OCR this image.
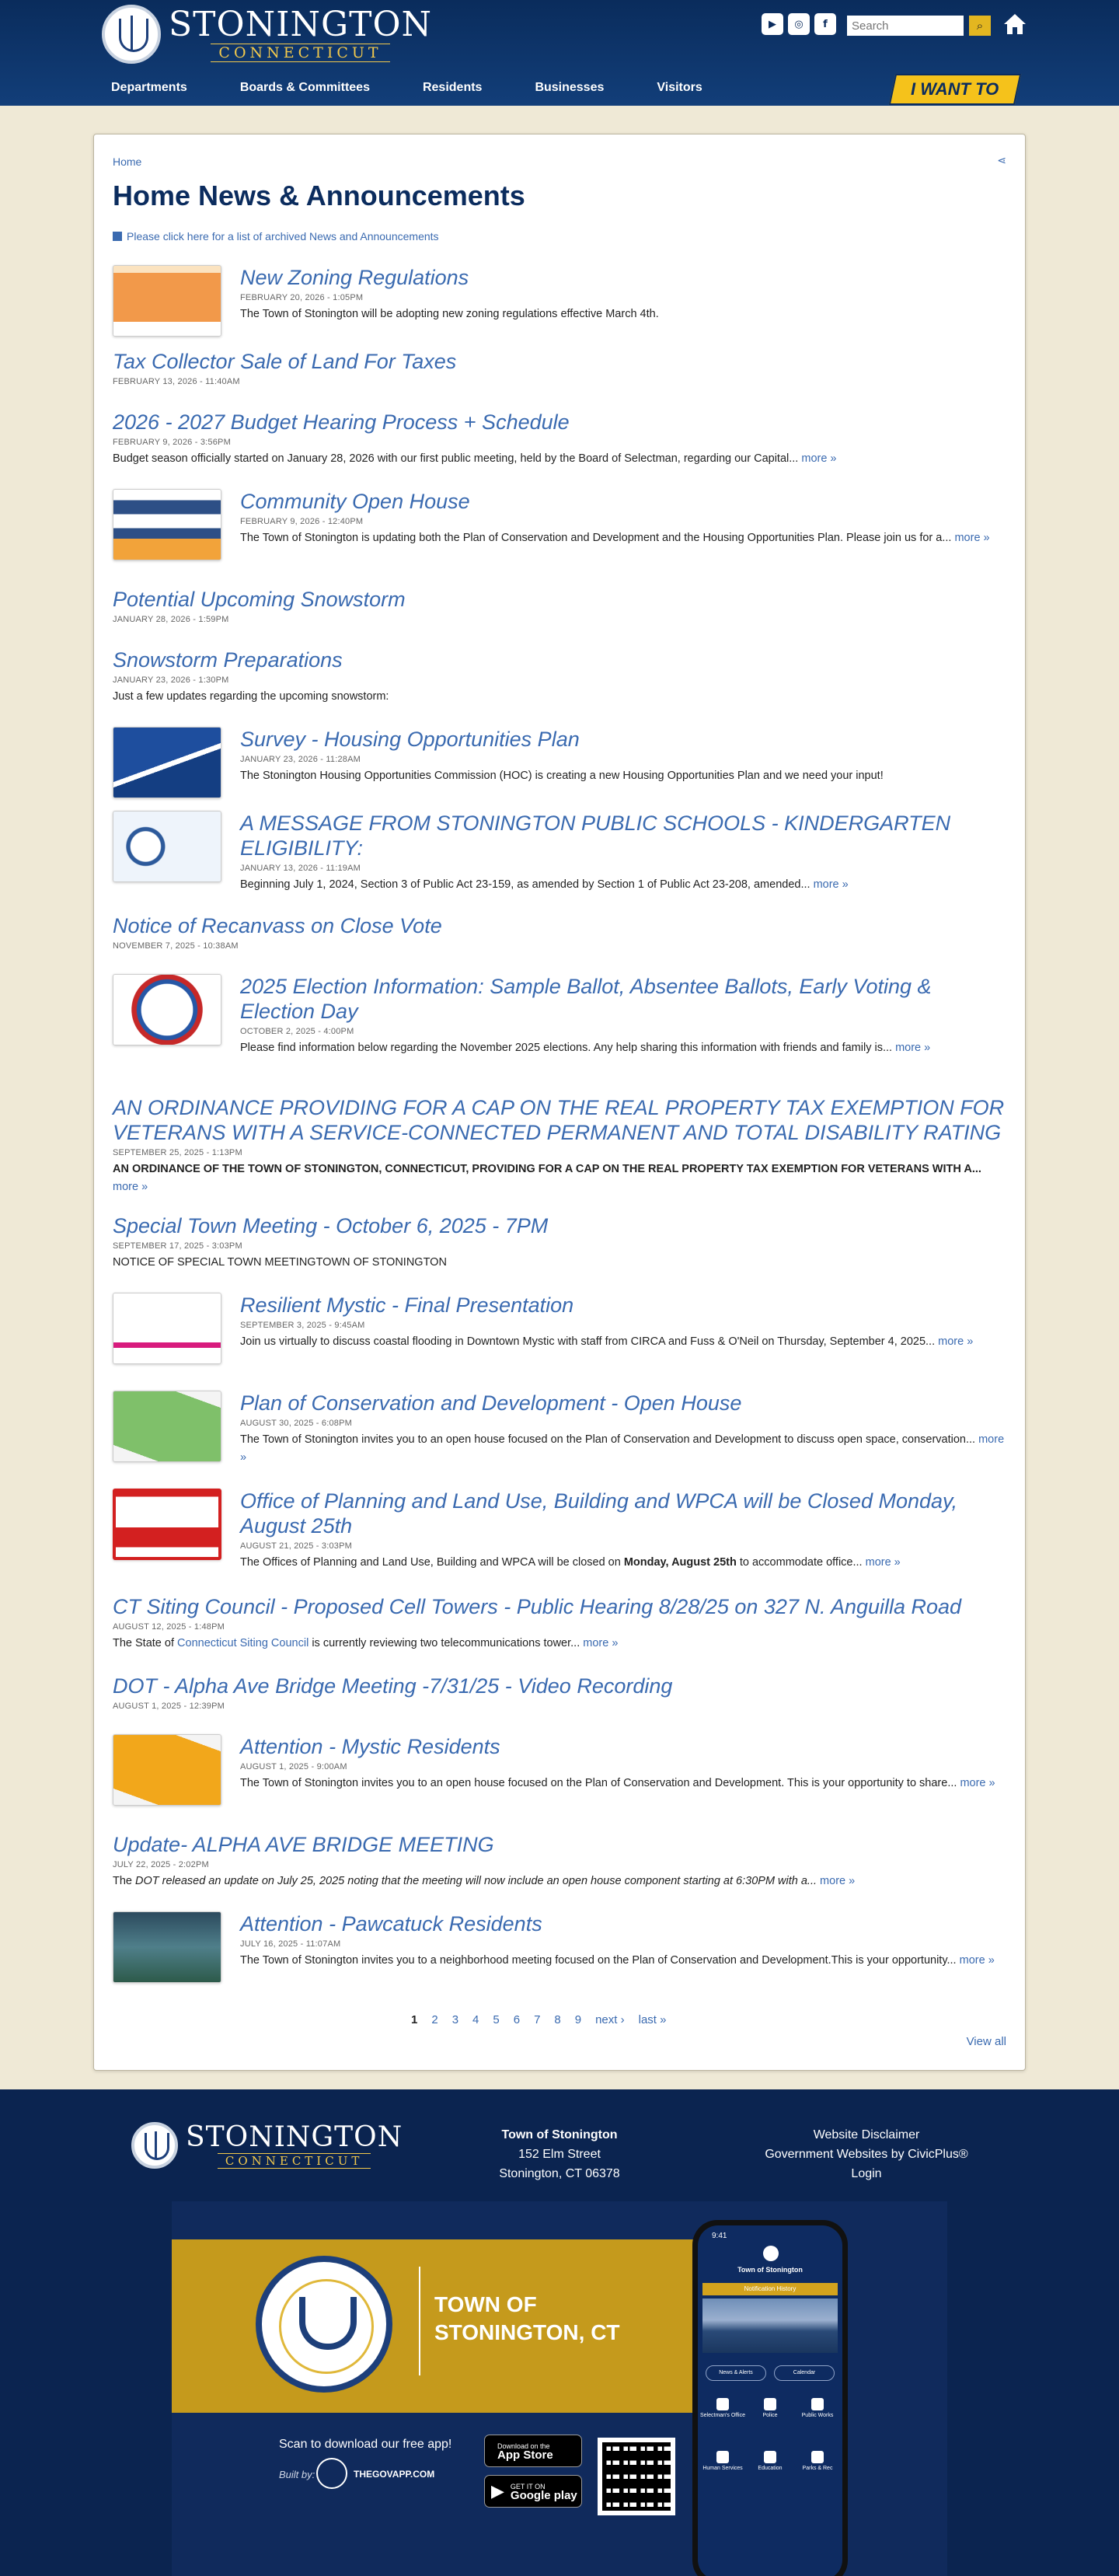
STONINGTON
CONNECTICUT
▶	◎	f
Search	⌕
Departments	Boards & Committees	Residents	Businesses	Visitors	I WANT TO
Home	⋖
Home News & Announcements
Please click here for a list of archived News and Announcements
New Zoning Regulations
FEBRUARY 20, 2026 - 1:05PM
The Town of Stonington will be adopting new zoning regulations effective March 4th.
Tax Collector Sale of Land For Taxes
FEBRUARY 13, 2026 - 11:40AM
2026 - 2027 Budget Hearing Process + Schedule
FEBRUARY 9, 2026 - 3:56PM
Budget season officially started on January 28, 2026 with our first public meeting, held by the Board of Selectman, regarding our Capital... more »
Community Open House
FEBRUARY 9, 2026 - 12:40PM
The Town of Stonington is updating both the Plan of Conservation and Development and the Housing Opportunities Plan. Please join us for a... more »
Potential Upcoming Snowstorm
JANUARY 28, 2026 - 1:59PM
Snowstorm Preparations
JANUARY 23, 2026 - 1:30PM
Just a few updates regarding the upcoming snowstorm:
Survey - Housing Opportunities Plan
JANUARY 23, 2026 - 11:28AM
The Stonington Housing Opportunities Commission (HOC) is creating a new Housing Opportunities Plan and we need your input!
A MESSAGE FROM STONINGTON PUBLIC SCHOOLS - KINDERGARTEN ELIGIBILITY:
JANUARY 13, 2026 - 11:19AM
Beginning July 1, 2024, Section 3 of Public Act 23-159, as amended by Section 1 of Public Act 23-208, amended... more »
Notice of Recanvass on Close Vote
NOVEMBER 7, 2025 - 10:38AM
2025 Election Information: Sample Ballot, Absentee Ballots, Early Voting & Election Day
OCTOBER 2, 2025 - 4:00PM
Please find information below regarding the November 2025 elections. Any help sharing this information with friends and family is... more »
AN ORDINANCE PROVIDING FOR A CAP ON THE REAL PROPERTY TAX EXEMPTION FOR VETERANS WITH A SERVICE-CONNECTED PERMANENT AND TOTAL DISABILITY RATING
SEPTEMBER 25, 2025 - 1:13PM
AN ORDINANCE OF THE TOWN OF STONINGTON, CONNECTICUT, PROVIDING FOR A CAP ON THE REAL PROPERTY TAX EXEMPTION FOR VETERANS WITH A... more »
Special Town Meeting - October 6, 2025 - 7PM
SEPTEMBER 17, 2025 - 3:03PM
NOTICE OF SPECIAL TOWN MEETINGTOWN OF STONINGTON
Resilient Mystic - Final Presentation
SEPTEMBER 3, 2025 - 9:45AM
Join us virtually to discuss coastal flooding in Downtown Mystic with staff from CIRCA and Fuss & O'Neil on Thursday, September 4, 2025... more »
Plan of Conservation and Development - Open House
AUGUST 30, 2025 - 6:08PM
The Town of Stonington invites you to an open house focused on the Plan of Conservation and Development to discuss open space, conservation... more »
Office of Planning and Land Use, Building and WPCA will be Closed Monday, August 25th
AUGUST 21, 2025 - 3:03PM
The Offices of Planning and Land Use, Building and WPCA will be closed on Monday, August 25th to accommodate office... more »
CT Siting Council - Proposed Cell Towers - Public Hearing 8/28/25 on 327 N. Anguilla Road
AUGUST 12, 2025 - 1:48PM
The State of Connecticut Siting Council is currently reviewing two telecommunications tower... more »
DOT - Alpha Ave Bridge Meeting -7/31/25 - Video Recording
AUGUST 1, 2025 - 12:39PM
Attention - Mystic Residents
AUGUST 1, 2025 - 9:00AM
The Town of Stonington invites you to an open house focused on the Plan of Conservation and Development. This is your opportunity to share... more »
Update- ALPHA AVE BRIDGE MEETING
JULY 22, 2025 - 2:02PM
The DOT released an update on July 25, 2025 noting that the meeting will now include an open house component starting at 6:30PM with a... more »
Attention - Pawcatuck Residents
JULY 16, 2025 - 11:07AM
The Town of Stonington invites you to a neighborhood meeting focused on the Plan of Conservation and Development.This is your opportunity... more »
1 2 3 4 5 6 7 8 9 next › last »
View all
STONINGTON
CONNECTICUT
Town of Stonington
152 Elm Street
Stonington, CT 06378
Website Disclaimer
Government Websites by CivicPlus®
Login
TOWN OF
STONINGTON, CT
Scan to download our free app!
Built by:	THEGOVAPP.COM
Download on the
App Store
▶ GET IT ON
Google play
9:41
Town of Stonington
Notification History
News & Alerts	Calendar
Selectman's Office	Police	Public Works
Human Services	Education	Parks & Rec
